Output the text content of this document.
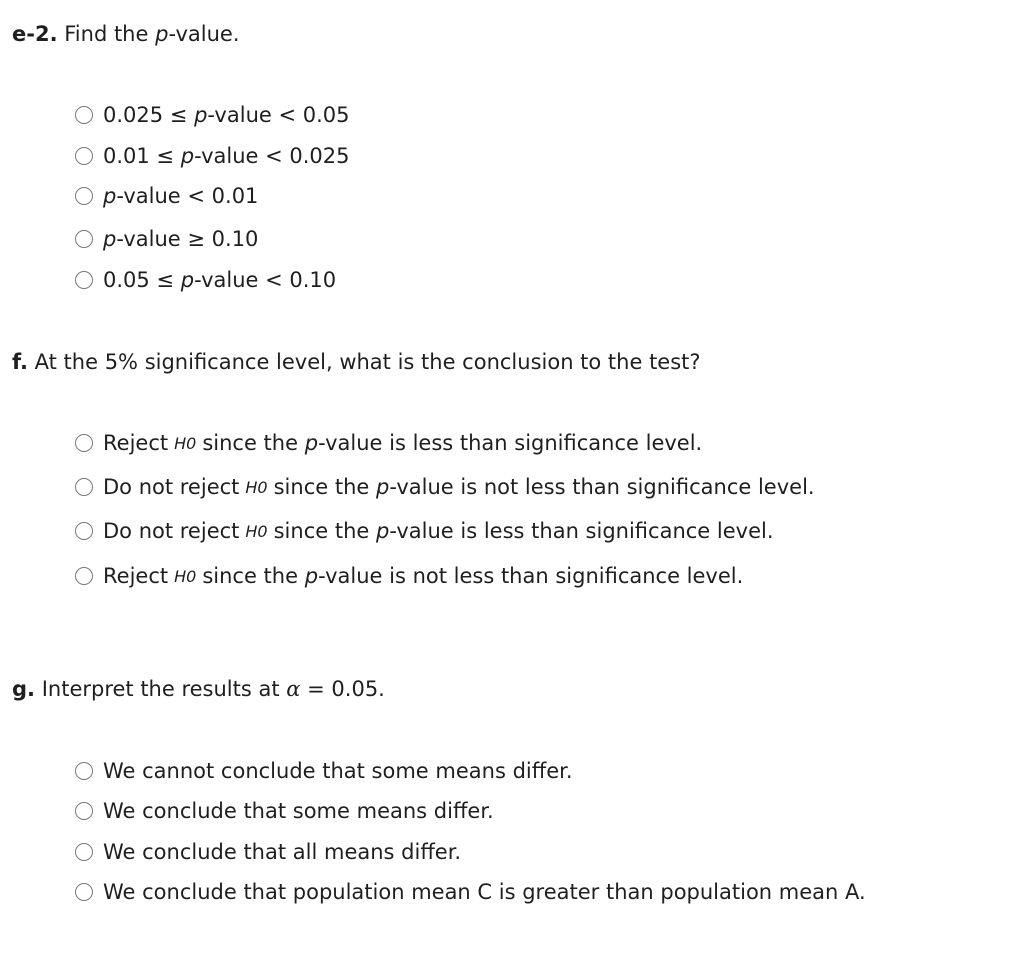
e-2. Find the p-value.
0.025 ≤
p -value < 0.05
0.01 ≤
p -value < 0.025
p -value < 0.01
p -value ≥ 0.10
0.05 ≤
p -value < 0.10
f. At the 5% significance level, what is the conclusion to the test?
Reject H0 since the
p -value is less than significance level.
Do not reject H0 since the
p -value is not less than significance level.
Do not reject H0 since the
p -value is less than significance level.
Reject H0 since the
p -value is not less than significance level.
g. Interpret the results at α = 0.05.
We cannot conclude that some means differ.
We conclude that some means differ.
We conclude that all means differ.
We conclude that population mean C is greater than population mean A.
